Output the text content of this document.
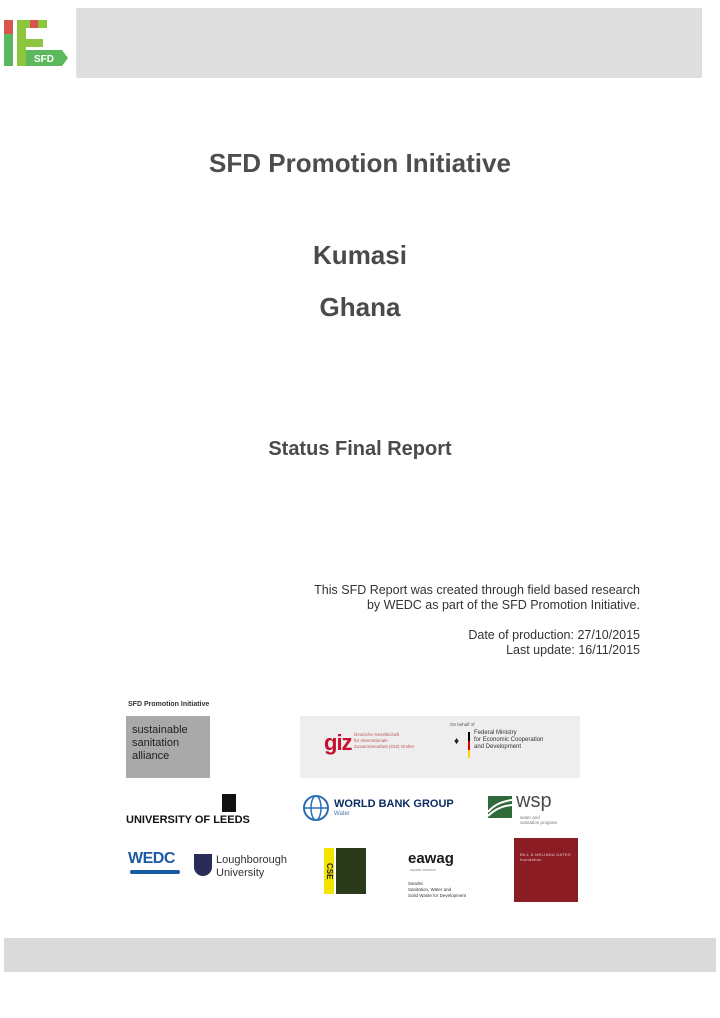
SFD
SFD Promotion Initiative
Kumasi
Ghana
Status Final Report
This SFD Report was created through field based research
by WEDC as part of the SFD Promotion Initiative.
Date of production: 27/10/2015
Last update: 16/11/2015
SFD Promotion Initiative
sustainable
sanitation
alliance
giz Deutsche Gesellschaft
für Internationale
Zusammenarbeit (GIZ) GmbH
On behalf of
♦
Federal Ministry
for Economic Cooperation
and Development
UNIVERSITY OF LEEDS
WORLD BANK GROUP
Water
wsp
water and
sanitation program
WEDC	Loughborough
University	CSE
eawag
aquatic research
Sandec
Sanitation, Water and
Solid Waste for Development
BILL & MELINDA GATES foundation
